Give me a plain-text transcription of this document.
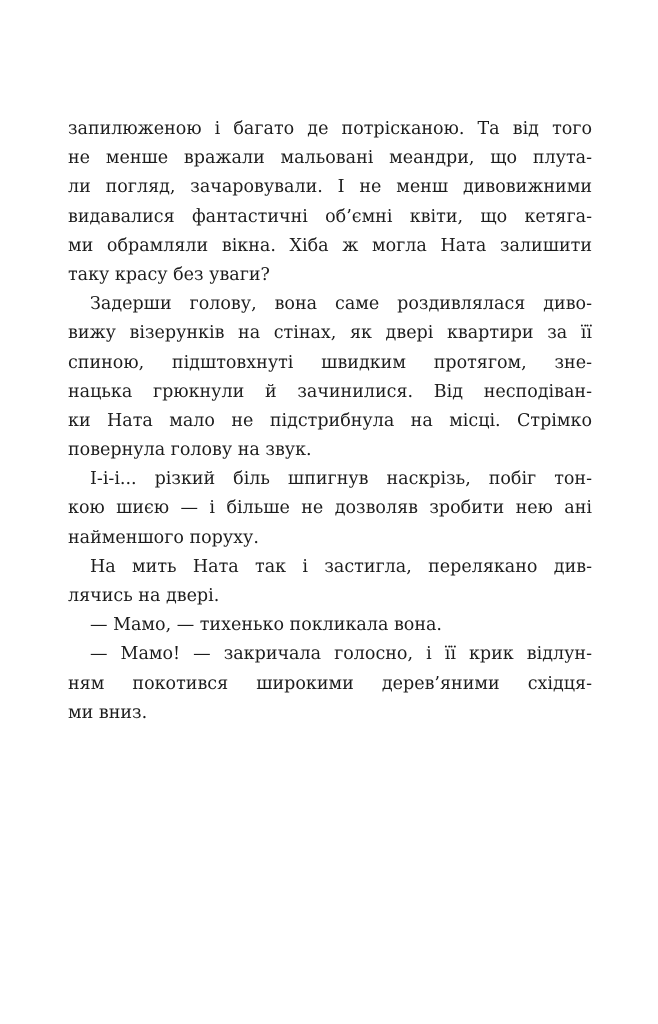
запилюженою і багато де потрісканою. Та від того
не менше вражали мальовані меандри, що плута-
ли погляд, зачаровували. І не менш дивовижними
видавалися фантастичні об’ємні квіти, що кетяга-
ми обрамляли вікна. Хіба ж могла Ната залишити
таку красу без уваги?
Задерши голову, вона саме роздивлялася диво-
вижу візерунків на стінах, як двері квартири за її
спиною, підштовхнуті швидким протягом, зне-
нацька грюкнули й зачинилися. Від несподіван-
ки Ната мало не підстрибнула на місці. Стрімко
повернула голову на звук.
І-і-і... різкий біль шпигнув наскрізь, побіг тон-
кою шиєю — і більше не дозволяв зробити нею ані
найменшого поруху.
На мить Ната так і застигла, перелякано див-
лячись на двері.
— Мамо, — тихенько покликала вона.
— Мамо! — закричала голосно, і її крик відлун-
ням покотився широкими дерев’яними східця-
ми вниз.
